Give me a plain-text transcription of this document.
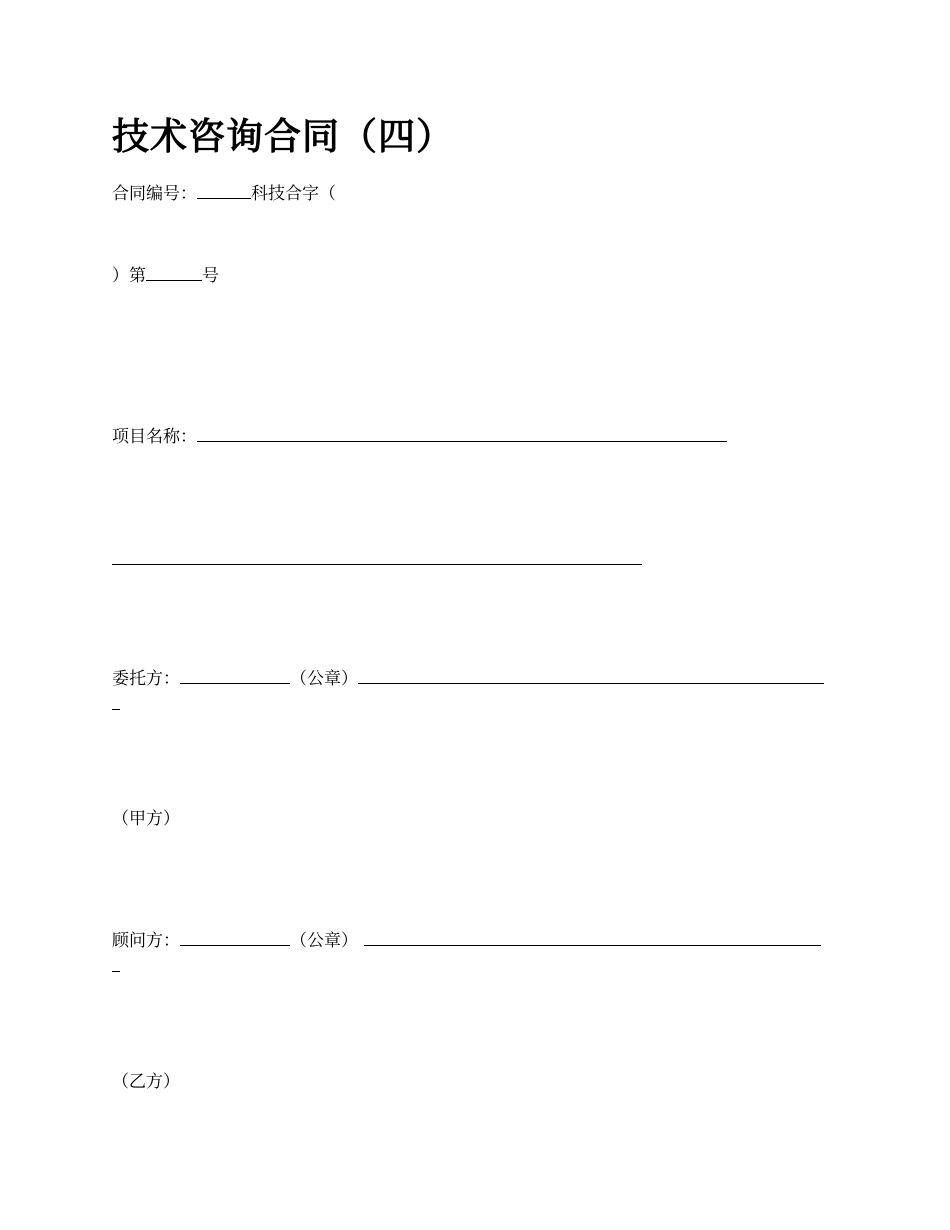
技术咨询合同（四）
合同编号：	科技合字（
）第	号
项目名称：
委托方：	（公章）
（甲方）
顾问方：	（公章）
（乙方）
